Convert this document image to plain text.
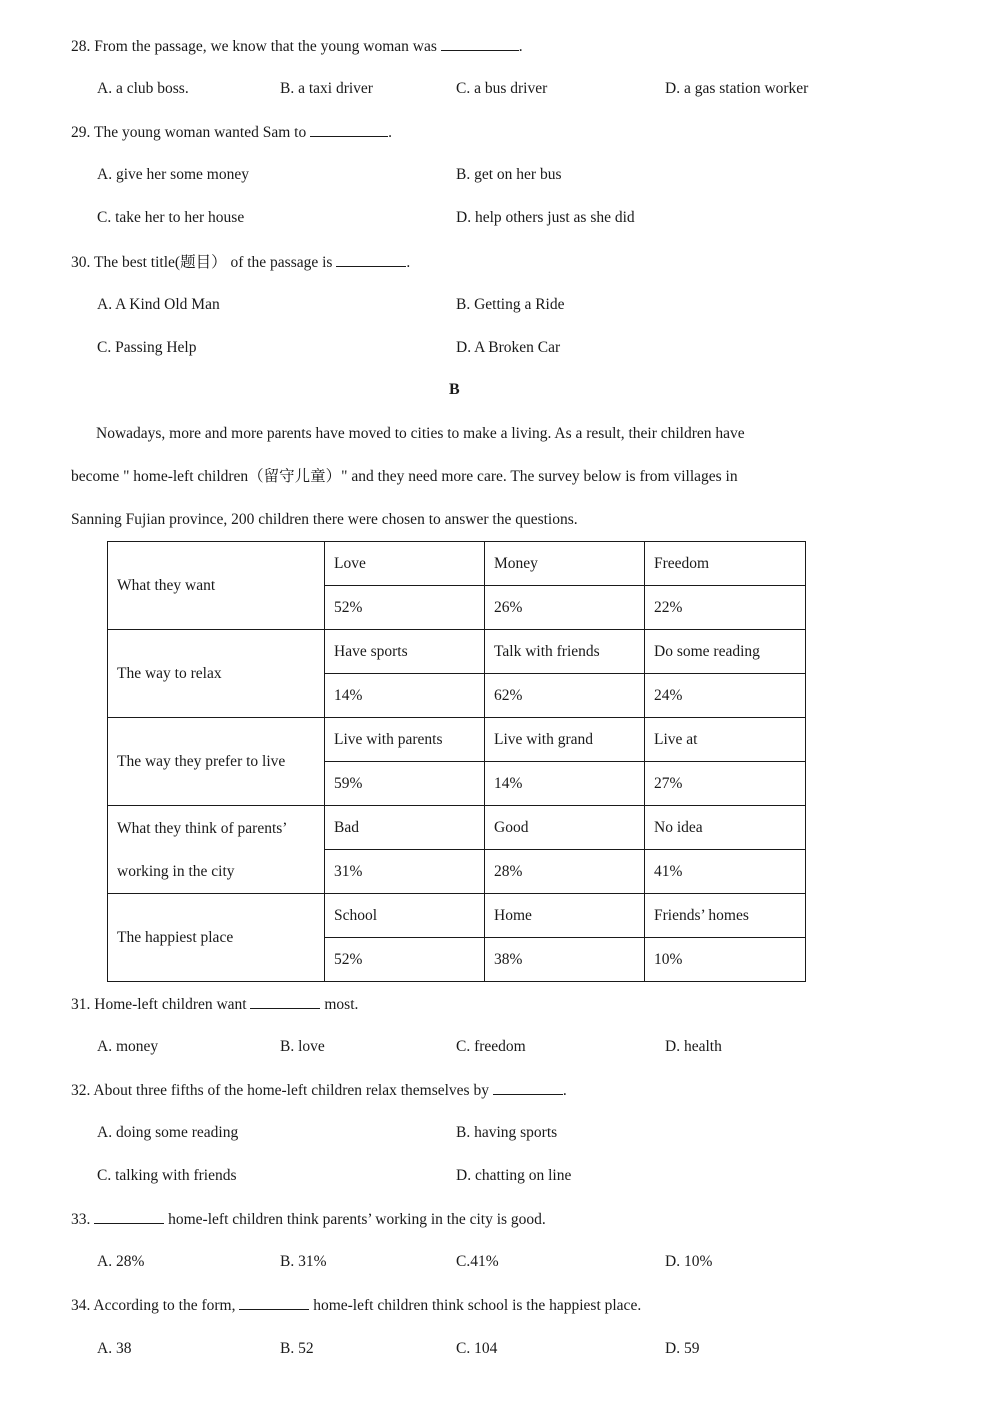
28. From the passage, we know that the young woman was	.
A. a club boss.	B. a taxi driver	C. a bus driver	D. a gas station worker
29. The young woman wanted Sam to	.
A. give her some money	B. get on her bus
C. take her to her house	D. help others just as she did
30. The best title(题目） of the passage is	.
A. A Kind Old Man	B. Getting a Ride
C. Passing Help	D. A Broken Car
B
Nowadays, more and more parents have moved to cities to make a living. As a result, their children have
become " home-left children（留守儿童）" and they need more care. The survey below is from villages in
Sanning Fujian province, 200 children there were chosen to answer the questions.
What they want	Love	Money	Freedom
	52%	26%	22%
The way to relax	Have sports	Talk with friends	Do some reading
	14%	62%	24%
The way they prefer to live	Live with parents	Live with grand	Live at
	59%	14%	27%

What they think of parents’
working in the city	Bad	Good	No idea
	31%	28%	41%
The happiest place	School	Home	Friends’ homes
	52%	38%	10%
31. Home-left children want	most.
A. money	B. love	C. freedom	D. health
32. About three fifths of the home-left children relax themselves by	.
A. doing some reading	B. having sports
C. talking with friends	D. chatting on line
33.	home-left children think parents’ working in the city is good.
A. 28%	B. 31%	C.41%	D. 10%
34. According to the form,	home-left children think school is the happiest place.
A. 38	B. 52	C. 104	D. 59
